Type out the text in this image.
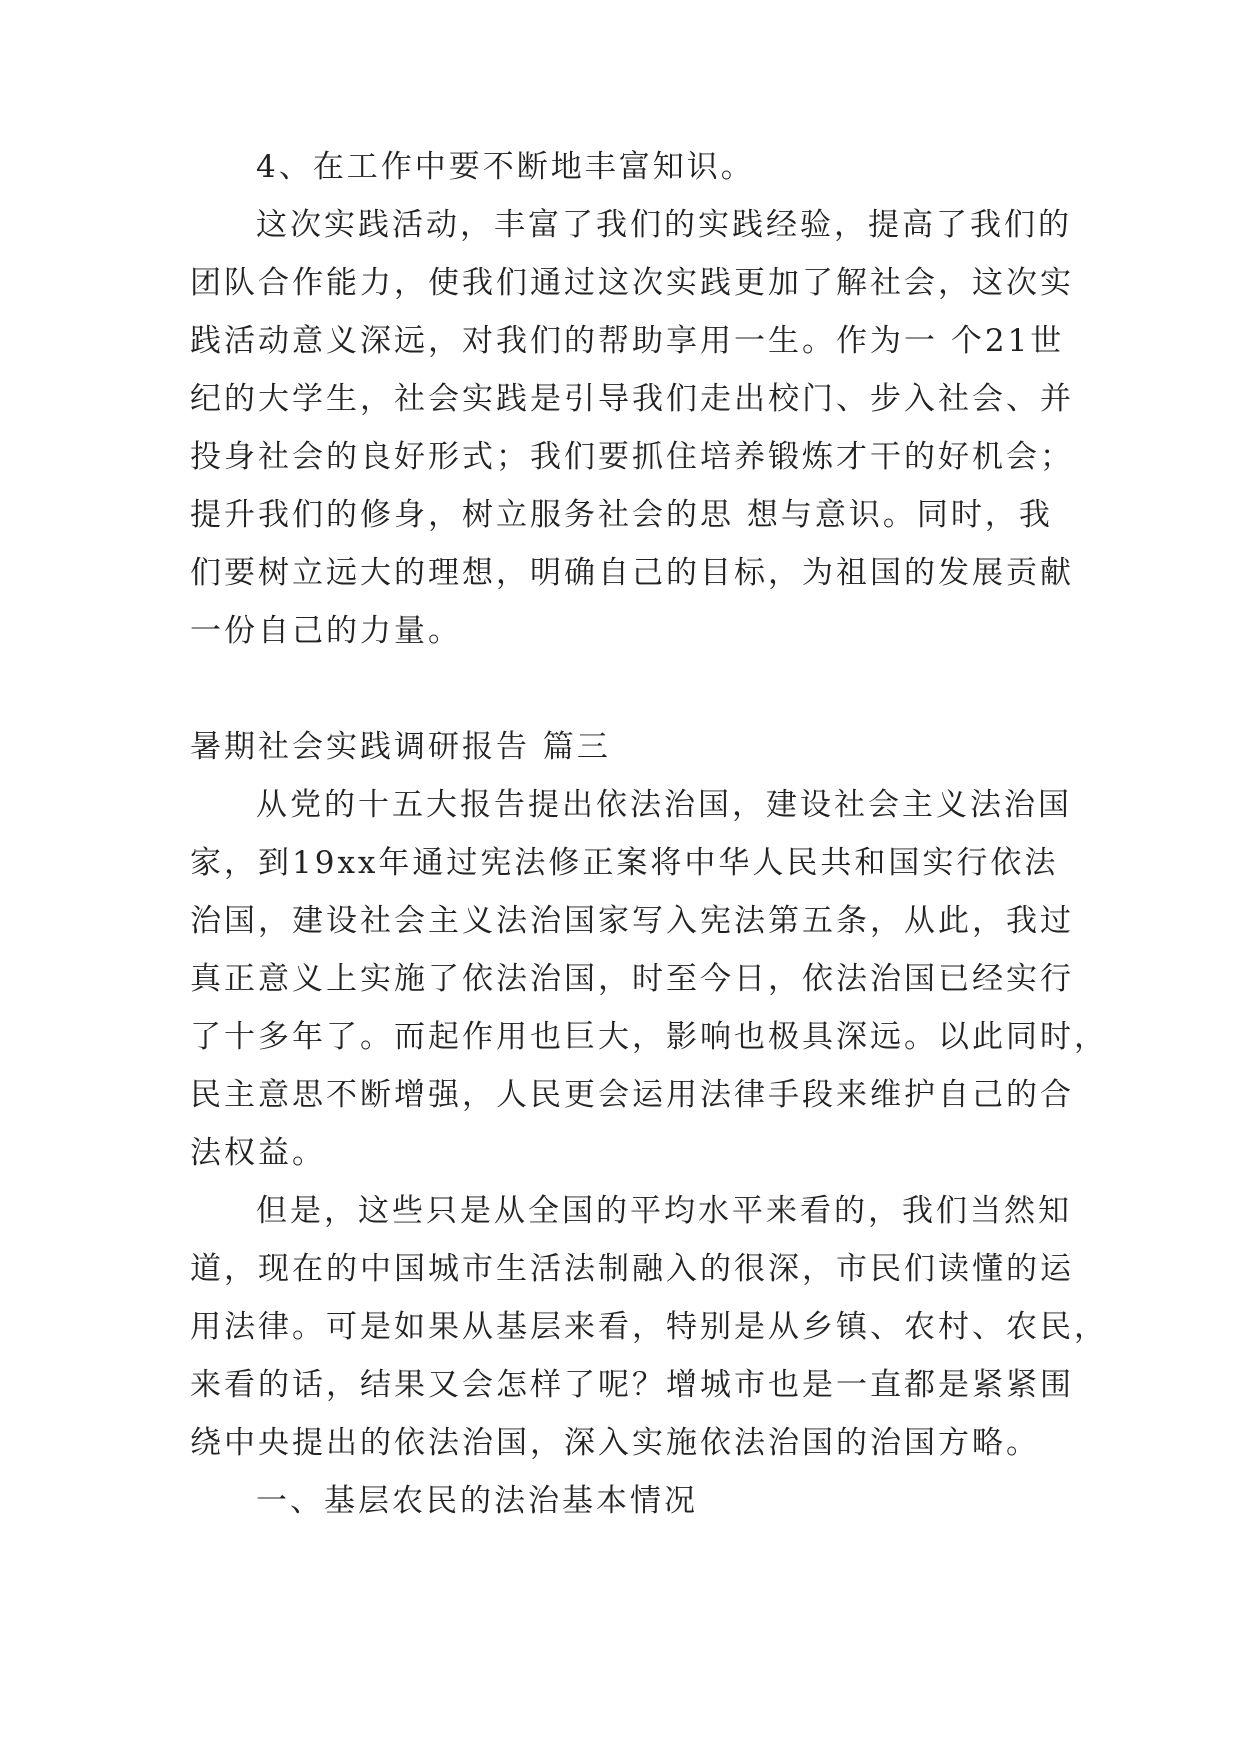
4、在工作中要不断地丰富知识。
这次实践活动，丰富了我们的实践经验，提高了我们的
团队合作能力，使我们通过这次实践更加了解社会，这次实
践活动意义深远，对我们的帮助享用一生。作为一 个21世
纪的大学生，社会实践是引导我们走出校门、步入社会、并
投身社会的良好形式；我们要抓住培养锻炼才干的好机会；
提升我们的修身，树立服务社会的思 想与意识。同时，我
们要树立远大的理想，明确自己的目标，为祖国的发展贡献
一份自己的力量。
暑期社会实践调研报告 篇三
从党的十五大报告提出依法治国，建设社会主义法治国
家，到19xx年通过宪法修正案将中华人民共和国实行依法
治国，建设社会主义法治国家写入宪法第五条，从此，我过
真正意义上实施了依法治国，时至今日，依法治国已经实行
了十多年了。而起作用也巨大，影响也极具深远。以此同时，
民主意思不断增强，人民更会运用法律手段来维护自己的合
法权益。
但是，这些只是从全国的平均水平来看的，我们当然知
道，现在的中国城市生活法制融入的很深，市民们读懂的运
用法律。可是如果从基层来看，特别是从乡镇、农村、农民，
来看的话，结果又会怎样了呢？增城市也是一直都是紧紧围
绕中央提出的依法治国，深入实施依法治国的治国方略。
一、基层农民的法治基本情况
